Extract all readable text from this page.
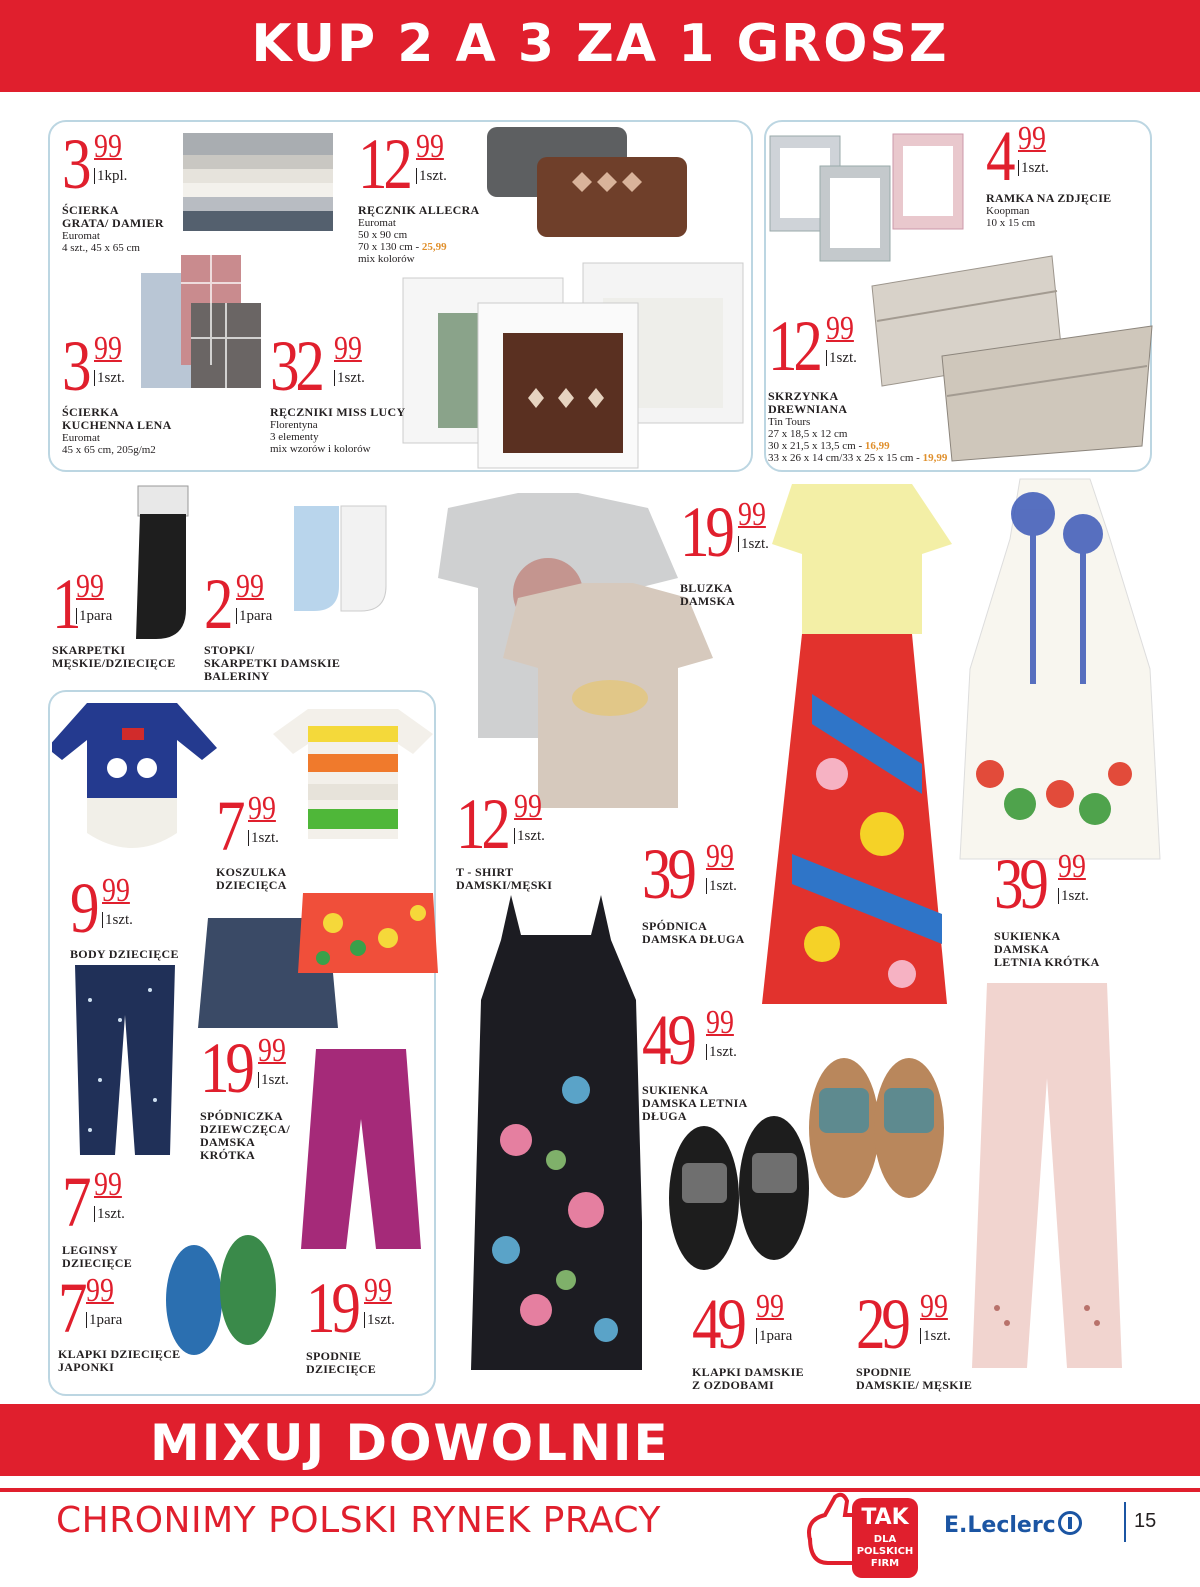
KUP 2 A 3 ZA 1 GROSZ
3 99
1kpl.
ŚCIERKA
GRATA/ DAMIER
Euromat
4 szt., 45 x 65 cm
12 99
1szt.
RĘCZNIK ALLECRA
Euromat
50 x 90 cm
70 x 130 cm - 25,99
mix kolorów
4 99
1szt.
RAMKA NA ZDJĘCIE
Koopman
10 x 15 cm
3 99
1szt.
ŚCIERKA
KUCHENNA LENA
Euromat
45 x 65 cm, 205g/m2
32 99
1szt.
RĘCZNIKI MISS LUCY
Florentyna
3 elementy
mix wzorów i kolorów
12 99
1szt.
SKRZYNKA
DREWNIANA
Tin Tours
27 x 18,5 x 12 cm
30 x 21,5 x 13,5 cm - 16,99
33 x 26 x 14 cm/33 x 25 x 15 cm - 19,99
1
99
1para
SKARPETKI
MĘSKIE/DZIECIĘCE
2 99
1para
STOPKI/
SKARPETKI DAMSKIE
BALERINY
19 99
1szt.
BLUZKA
DAMSKA
7 99
1szt.
KOSZULKA
DZIECIĘCA
12 99
1szt.
T - SHIRT
DAMSKI/MĘSKI	39 99
1szt.
SPÓDNICA
DAMSKA DŁUGA
39 99
1szt.
SUKIENKA
DAMSKA
LETNIA KRÓTKA
9 99
1szt.
BODY DZIECIĘCE
19 99
1szt.
SPÓDNICZKA
DZIEWCZĘCA/
DAMSKA
KRÓTKA
49 99
1szt.
SUKIENKA
DAMSKA LETNIA
DŁUGA
7 99
1szt.
LEGINSY
DZIECIĘCE
7 99
1para
KLAPKI DZIECIĘCE
JAPONKI
19 99
1szt.
SPODNIE
DZIECIĘCE
49 99
1para
KLAPKI DAMSKIE
Z OZDOBAMI
29 99
1szt.
SPODNIE
DAMSKIE/ MĘSKIE
MIXUJ DOWOLNIE
CHRONIMY POLSKI RYNEK PRACY	TAK
DLA
POLSKICH
FIRM
E.Leclerc	15
